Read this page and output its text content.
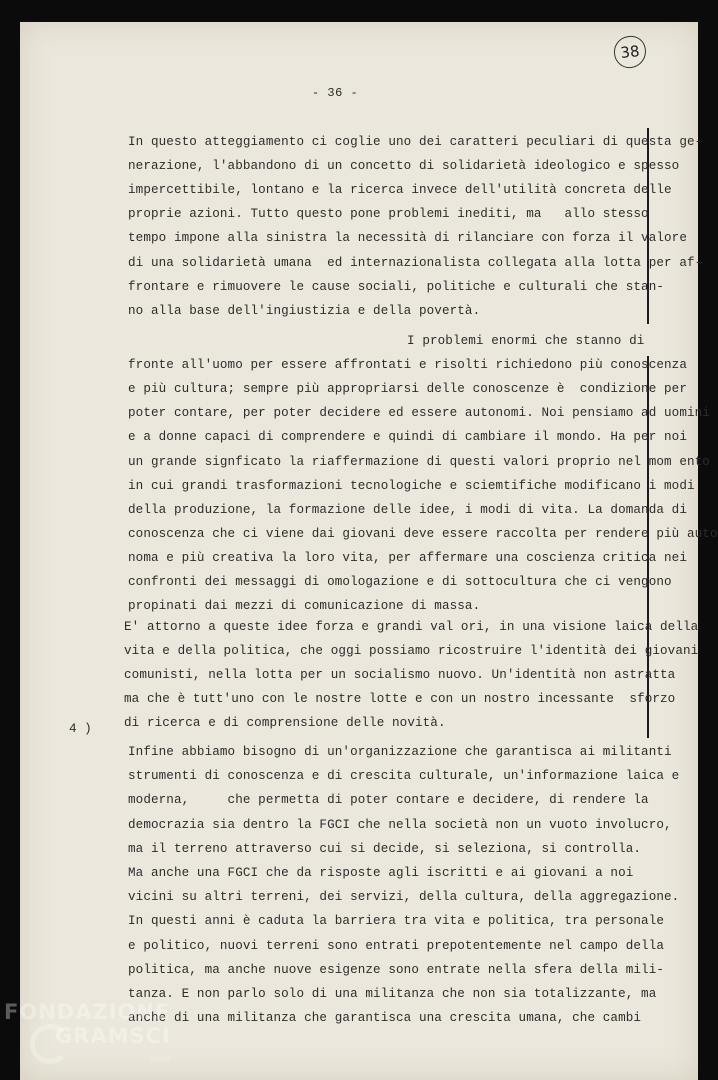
- 36 -
38
4 )
In questo atteggiamento ci coglie uno dei caratteri peculiari di questa ge-
nerazione, l'abbandono di un concetto di solidarietà ideologico e spesso
impercettibile, lontano e la ricerca invece dell'utilità concreta delle
proprie azioni. Tutto questo pone problemi inediti, ma   allo stesso
tempo impone alla sinistra la necessità di rilanciare con forza il valore
di una solidarietà umana  ed internazionalista collegata alla lotta per af-
frontare e rimuovere le cause sociali, politiche e culturali che stan-
no alla base dell'ingiustizia e della povertà.
I problemi enormi che stanno di
fronte all'uomo per essere affrontati e risolti richiedono più conoscenza
e più cultura; sempre più appropriarsi delle conoscenze è  condizione per
poter contare, per poter decidere ed essere autonomi. Noi pensiamo ad uomini
e a donne capaci di comprendere e quindi di cambiare il mondo. Ha per noi
un grande signficato la riaffermazione di questi valori proprio nel mom ento
in cui grandi trasformazioni tecnologiche e sciemtifiche modificano i modi
della produzione, la formazione delle idee, i modi di vita. La domanda di
conoscenza che ci viene dai giovani deve essere raccolta per rendere più auto
noma e più creativa la loro vita, per affermare una coscienza critica nei
confronti dei messaggi di omologazione e di sottocultura che ci vengono
propinati dai mezzi di comunicazione di massa.
E' attorno a queste idee forza e grandi val ori, in una visione laica della
vita e della politica, che oggi possiamo ricostruire l'identità dei giovani
comunisti, nella lotta per un socialismo nuovo. Un'identità non astratta
ma che è tutt'uno con le nostre lotte e con un nostro incessante  sforzo
di ricerca e di comprensione delle novità.
Infine abbiamo bisogno di un'organizzazione che garantisca ai militanti
strumenti di conoscenza e di crescita culturale, un'informazione laica e
moderna,     che permetta di poter contare e decidere, di rendere la
democrazia sia dentro la FGCI che nella società non un vuoto involucro,
ma il terreno attraverso cui si decide, si seleziona, si controlla.
Ma anche una FGCI che da risposte agli iscritti e ai giovani a noi
vicini su altri terreni, dei servizi, della cultura, della aggregazione.
In questi anni è caduta la barriera tra vita e politica, tra personale
e politico, nuovi terreni sono entrati prepotentemente nel campo della
politica, ma anche nuove esigenze sono entrate nella sfera della mili-
tanza. E non parlo solo di una militanza che non sia totalizzante, ma
anche di una militanza che garantisca una crescita umana, che cambi
FONDAZIONE
GRAMSCI
onlus
